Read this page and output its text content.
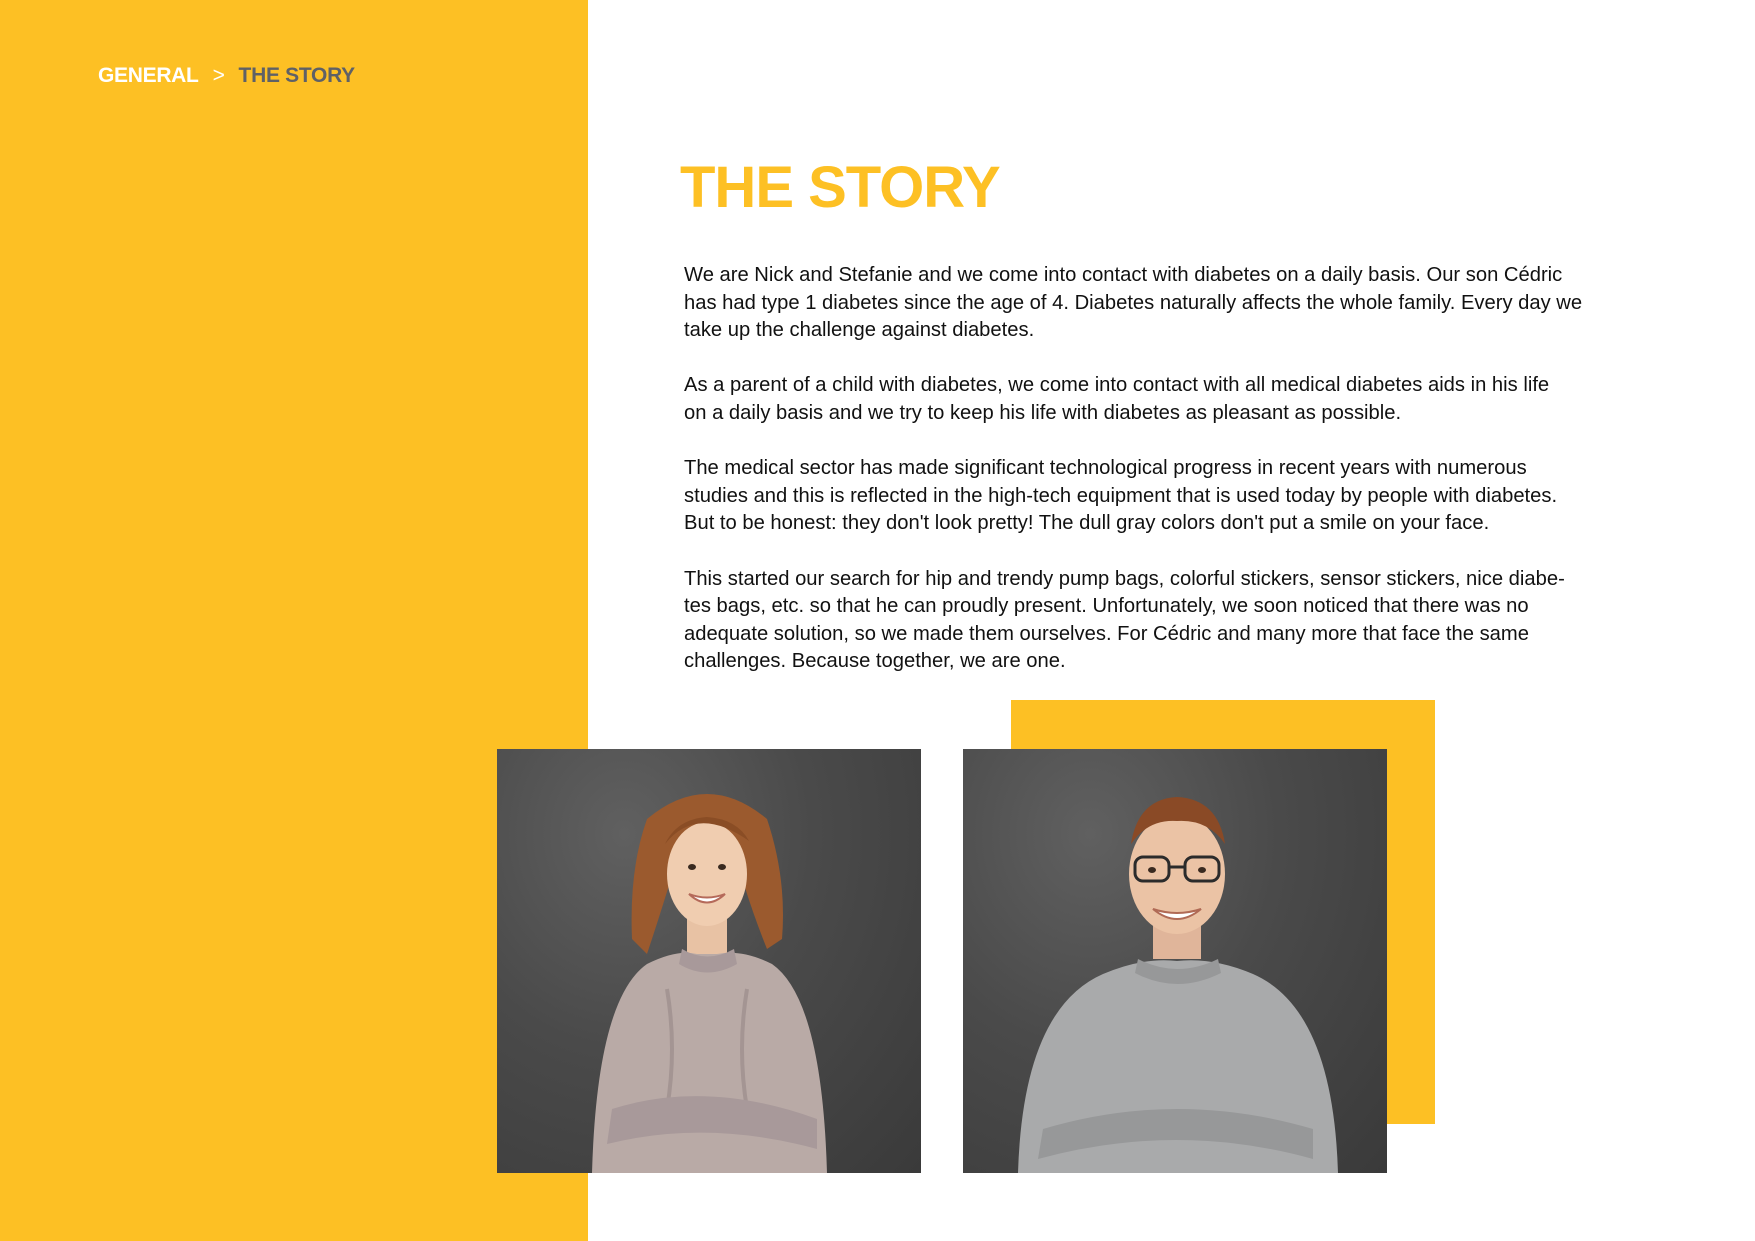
GENERAL > THE STORY
THE STORY

We are Nick and Stefanie and we come into contact with diabetes on a daily basis. Our son Cédric
has had type 1 diabetes since the age of 4. Diabetes naturally affects the whole family. Every day we
take up the challenge against diabetes.

As a parent of a child with diabetes, we come into contact with all medical diabetes aids in his life
on a daily basis and we try to keep his life with diabetes as pleasant as possible.

The medical sector has made significant technological progress in recent years with numerous
studies and this is reflected in the high-tech equipment that is used today by people with diabetes.
But to be honest: they don't look pretty! The dull gray colors don't put a smile on your face.

This started our search for hip and trendy pump bags, colorful stickers, sensor stickers, nice diabe-
tes bags, etc. so that he can proudly present. Unfortunately, we soon noticed that there was no
adequate solution, so we made them ourselves. For Cédric and many more that face the same
challenges. Because together, we are one.
